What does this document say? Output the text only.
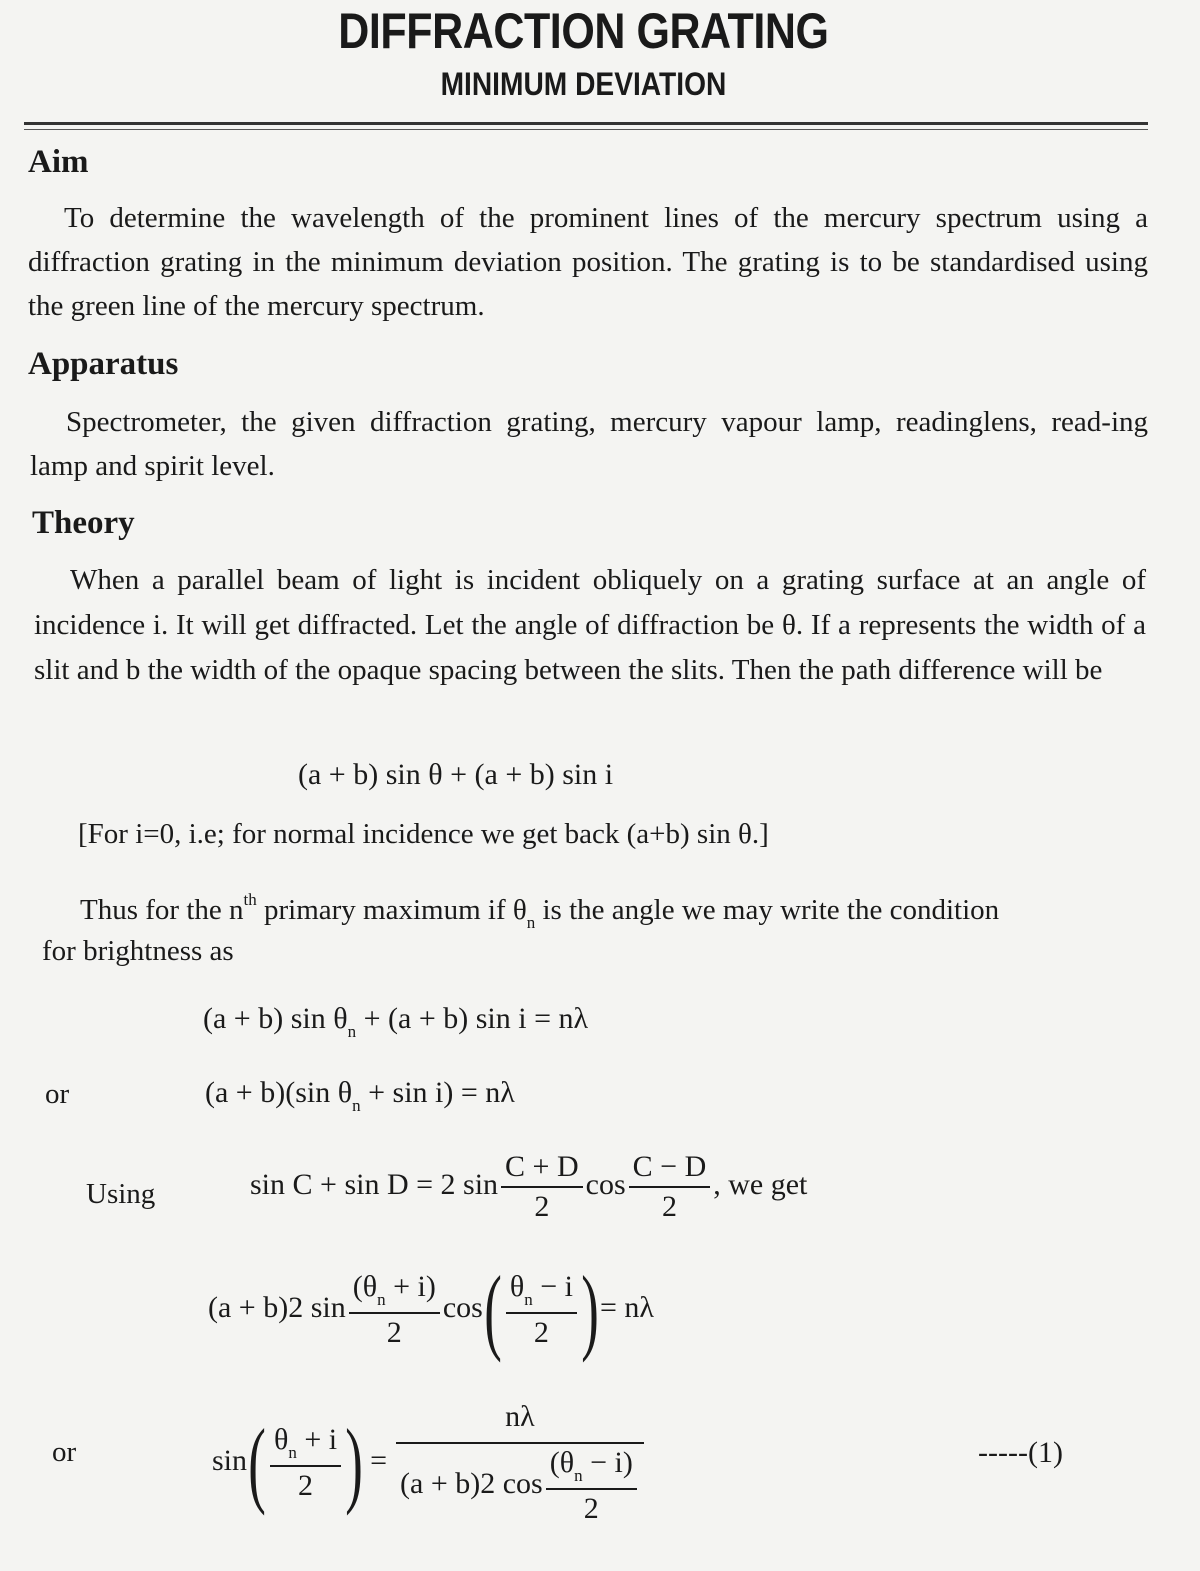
DIFFRACTION GRATING
MINIMUM DEVIATION
Aim
To determine the wavelength of the prominent lines of the mercury spectrum using a diffraction grating in the minimum deviation position. The grating is to be standardised using the green line of the mercury spectrum.
Apparatus
Spectrometer, the given diffraction grating, mercury vapour lamp, readinglens, read-ing lamp and spirit level.
Theory
When a parallel beam of light is incident obliquely on a grating surface at an angle of incidence i. It will get diffracted. Let the angle of diffraction be θ. If a represents the width of a slit and b the width of the opaque spacing between the slits. Then the path difference will be
(a + b) sin θ + (a + b) sin i
[For i=0, i.e; for normal incidence we get back (a+b) sin θ.]
Thus for the $n^{th}$ primary maximum if $\theta_n$ is the angle we may write the condition
for brightness as
(a + b) $\sin \theta_n + (a + b)$ sin i = nλ
or	(a + b)(sin $\theta_n + \sin i) = n\lambda$
Using	sin C + sin D = 2 $\sin \frac{C + D}{2}$ $\cos \frac{C - D}{2}$ , we get
(a + b)2 $\sin \frac{(\theta_n + i)}{2} \cos( \frac{\theta_n - i}{2}$ )= nλ
or	$\sin( \frac{\theta_n + i}{2}$ ) = $\frac{n\lambda}{(a + b)2 \cos \frac{(\theta_n - i)}{2}}$	-----(1)
